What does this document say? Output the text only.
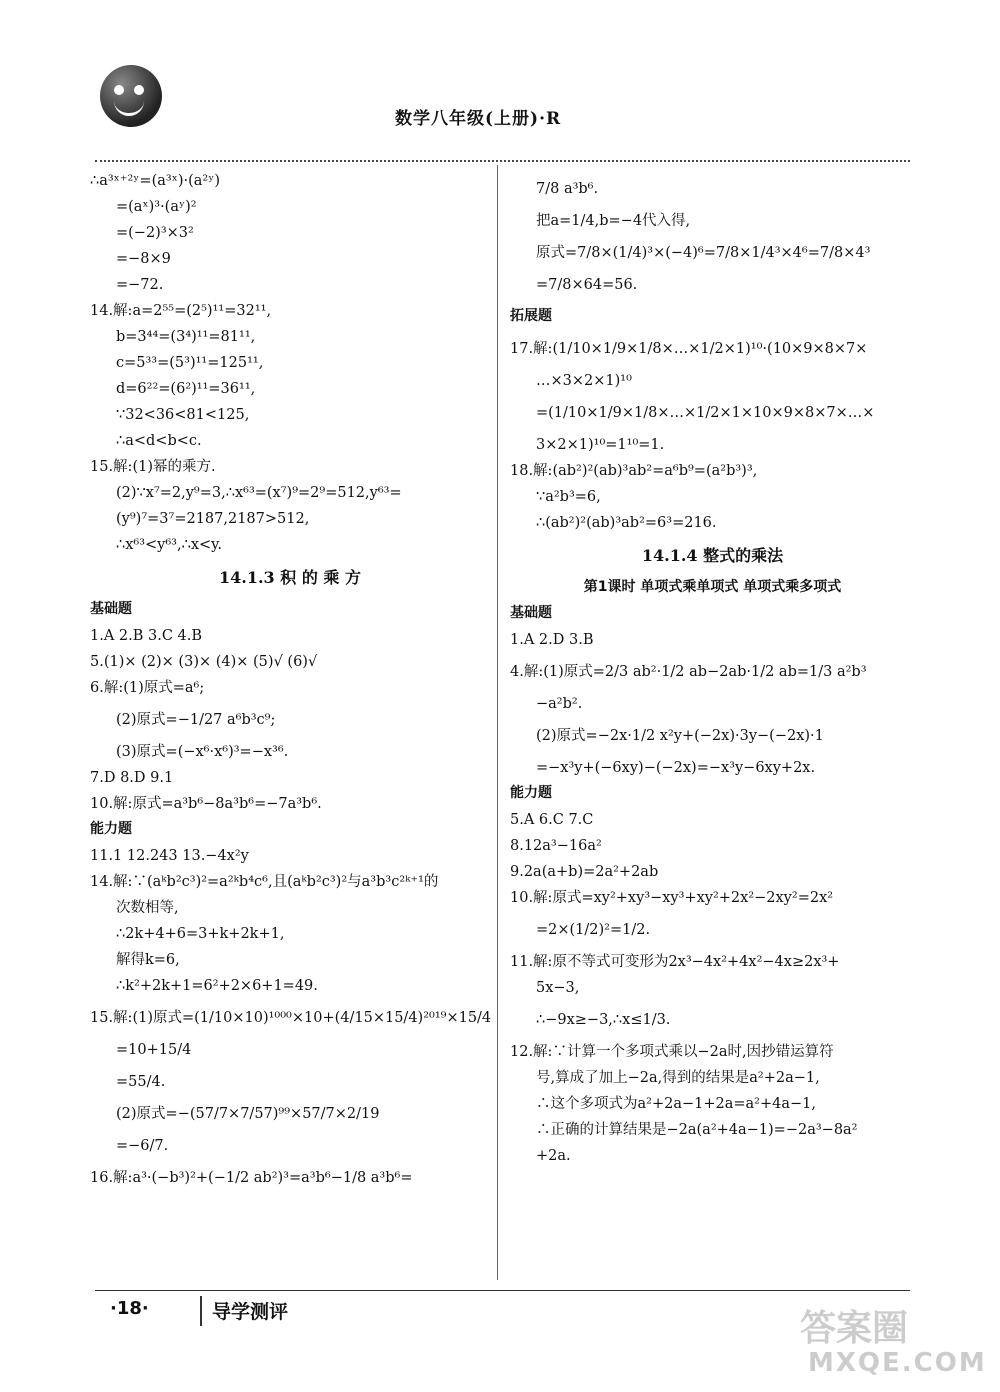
数学八年级(上册)·R
∴a³ˣ⁺²ʸ=(a³ˣ)·(a²ʸ)
=(aˣ)³·(aʸ)²
=(−2)³×3²
=−8×9
=−72.
14.解:a=2⁵⁵=(2⁵)¹¹=32¹¹,
b=3⁴⁴=(3⁴)¹¹=81¹¹,
c=5³³=(5³)¹¹=125¹¹,
d=6²²=(6²)¹¹=36¹¹,
∵32<36<81<125,
∴a<d<b<c.
15.解:(1)幂的乘方.
(2)∵x⁷=2,y⁹=3,∴x⁶³=(x⁷)⁹=2⁹=512,y⁶³=
(y⁹)⁷=3⁷=2187,2187>512,
∴x⁶³<y⁶³,∴x<y.
14.1.3 积 的 乘 方
基础题
1.A 2.B 3.C 4.B
5.(1)× (2)× (3)× (4)× (5)√ (6)√
6.解:(1)原式=a⁶;
(2)原式=−1/27 a⁶b³c⁹;
(3)原式=(−x⁶·x⁶)³=−x³⁶.
7.D 8.D 9.1
10.解:原式=a³b⁶−8a³b⁶=−7a³b⁶.
能力题
11.1 12.243 13.−4x²y
14.解:∵(aᵏb²c³)²=a²ᵏb⁴c⁶,且(aᵏb²c³)²与a³b³c²ᵏ⁺¹的
次数相等,
∴2k+4+6=3+k+2k+1,
解得k=6,
∴k²+2k+1=6²+2×6+1=49.
15.解:(1)原式=(1/10×10)¹⁰⁰⁰×10+(4/15×15/4)²⁰¹⁹×15/4
=10+15/4
=55/4.
(2)原式=−(57/7×7/57)⁹⁹×57/7×2/19
=−6/7.
16.解:a³·(−b³)²+(−1/2 ab²)³=a³b⁶−1/8 a³b⁶=
7/8 a³b⁶.
把a=1/4,b=−4代入得,
原式=7/8×(1/4)³×(−4)⁶=7/8×1/4³×4⁶=7/8×4³
=7/8×64=56.
拓展题
17.解:(1/10×1/9×1/8×…×1/2×1)¹⁰·(10×9×8×7×
…×3×2×1)¹⁰
=(1/10×1/9×1/8×…×1/2×1×10×9×8×7×…×
3×2×1)¹⁰=1¹⁰=1.
18.解:(ab²)²(ab)³ab²=a⁶b⁹=(a²b³)³,
∵a²b³=6,
∴(ab²)²(ab)³ab²=6³=216.
14.1.4 整式的乘法
第1课时 单项式乘单项式 单项式乘多项式
基础题
1.A 2.D 3.B
4.解:(1)原式=2/3 ab²·1/2 ab−2ab·1/2 ab=1/3 a²b³
−a²b².
(2)原式=−2x·1/2 x²y+(−2x)·3y−(−2x)·1
=−x³y+(−6xy)−(−2x)=−x³y−6xy+2x.
能力题
5.A 6.C 7.C
8.12a³−16a²
9.2a(a+b)=2a²+2ab
10.解:原式=xy²+xy³−xy³+xy²+2x²−2xy²=2x²
=2×(1/2)²=1/2.
11.解:原不等式可变形为2x³−4x²+4x²−4x≥2x³+
5x−3,
∴−9x≥−3,∴x≤1/3.
12.解:∵计算一个多项式乘以−2a时,因抄错运算符
号,算成了加上−2a,得到的结果是a²+2a−1,
∴这个多项式为a²+2a−1+2a=a²+4a−1,
∴正确的计算结果是−2a(a²+4a−1)=−2a³−8a²
+2a.
·18·	导学测评	答案圈
MXQE.COM
